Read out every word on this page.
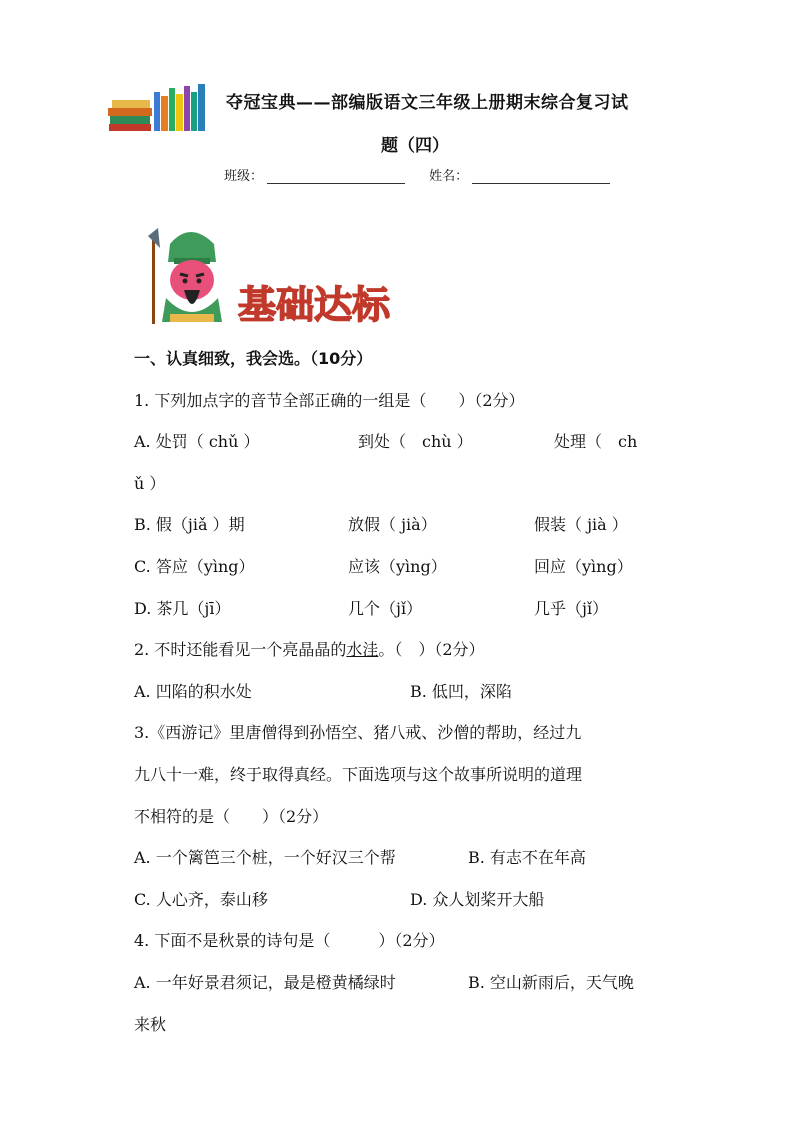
夺冠宝典——部编版语文三年级上册期末综合复习试
题（四）
班级：	姓名：
基础达标
一、认真细致，我会选。（10分）
1. 下列加点字的音节全部正确的一组是（　　）（2分）
A. 处罚（ chǔ ）	到处（　chù ）	处理（　ch
ǔ ）
B. 假（jiǎ ）期	放假（ jià）	假装（ jià ）
C. 答应（yìng）	应该（yìng）	回应（yìng）
D. 茶几（jī）	几个（jǐ）	几乎（jǐ）
2. 不时还能看见一个亮晶晶的水洼。（　）（2分）
A. 凹陷的积水处	B. 低凹，深陷
3.《西游记》里唐僧得到孙悟空、猪八戒、沙僧的帮助，经过九
九八十一难，终于取得真经。下面选项与这个故事所说明的道理
不相符的是（　　）（2分）
A. 一个篱笆三个桩，一个好汉三个帮	B. 有志不在年高
C. 人心齐，泰山移	D. 众人划桨开大船
4. 下面不是秋景的诗句是（　　　）（2分）
A. 一年好景君须记，最是橙黄橘绿时	B. 空山新雨后，天气晚
来秋
